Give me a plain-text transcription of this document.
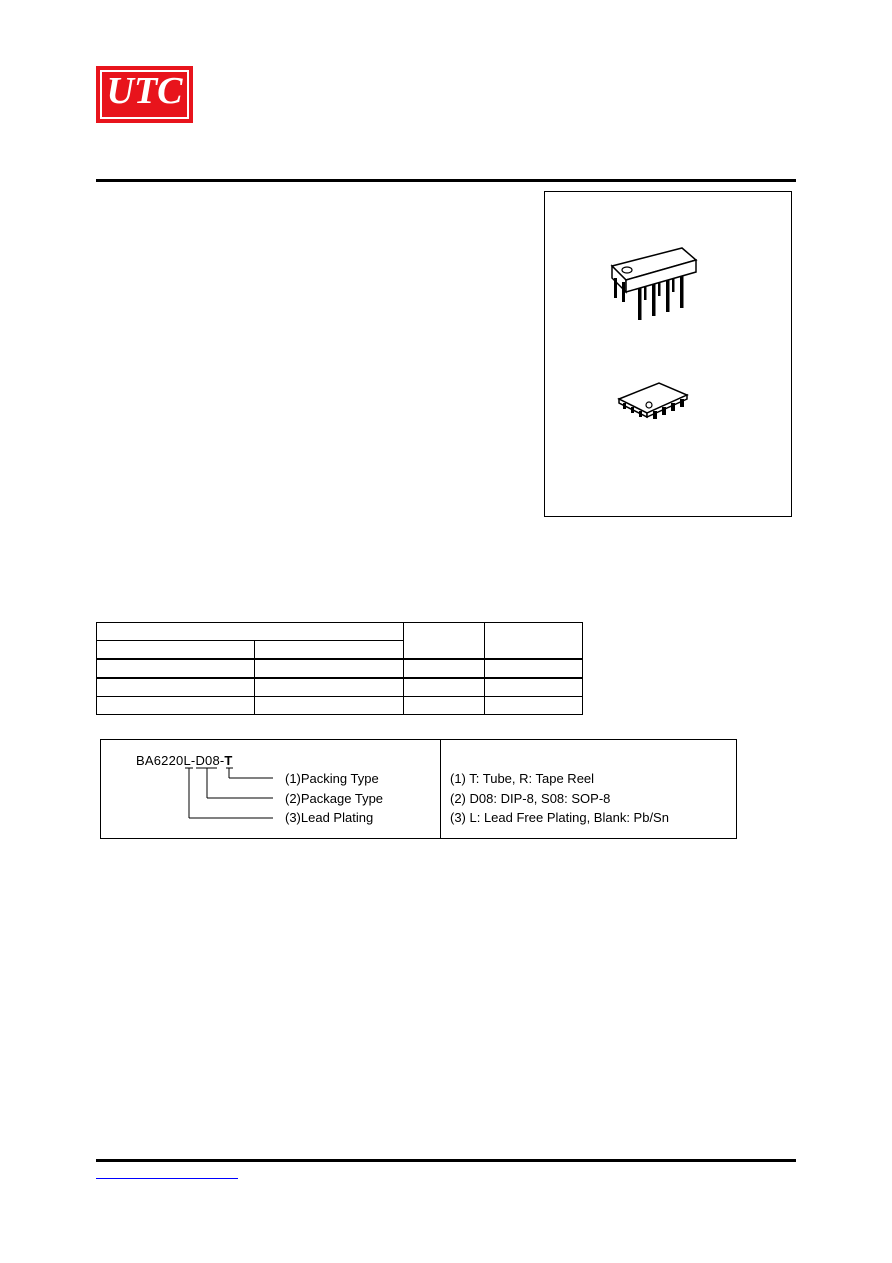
UTC

BA6220L-D08-T
(1)Packing Type
(2)Package Type
(3)Lead Plating
(1) T: Tube, R: Tape Reel
(2) D08: DIP-8, S08: SOP-8
(3) L: Lead Free Plating, Blank: Pb/Sn
